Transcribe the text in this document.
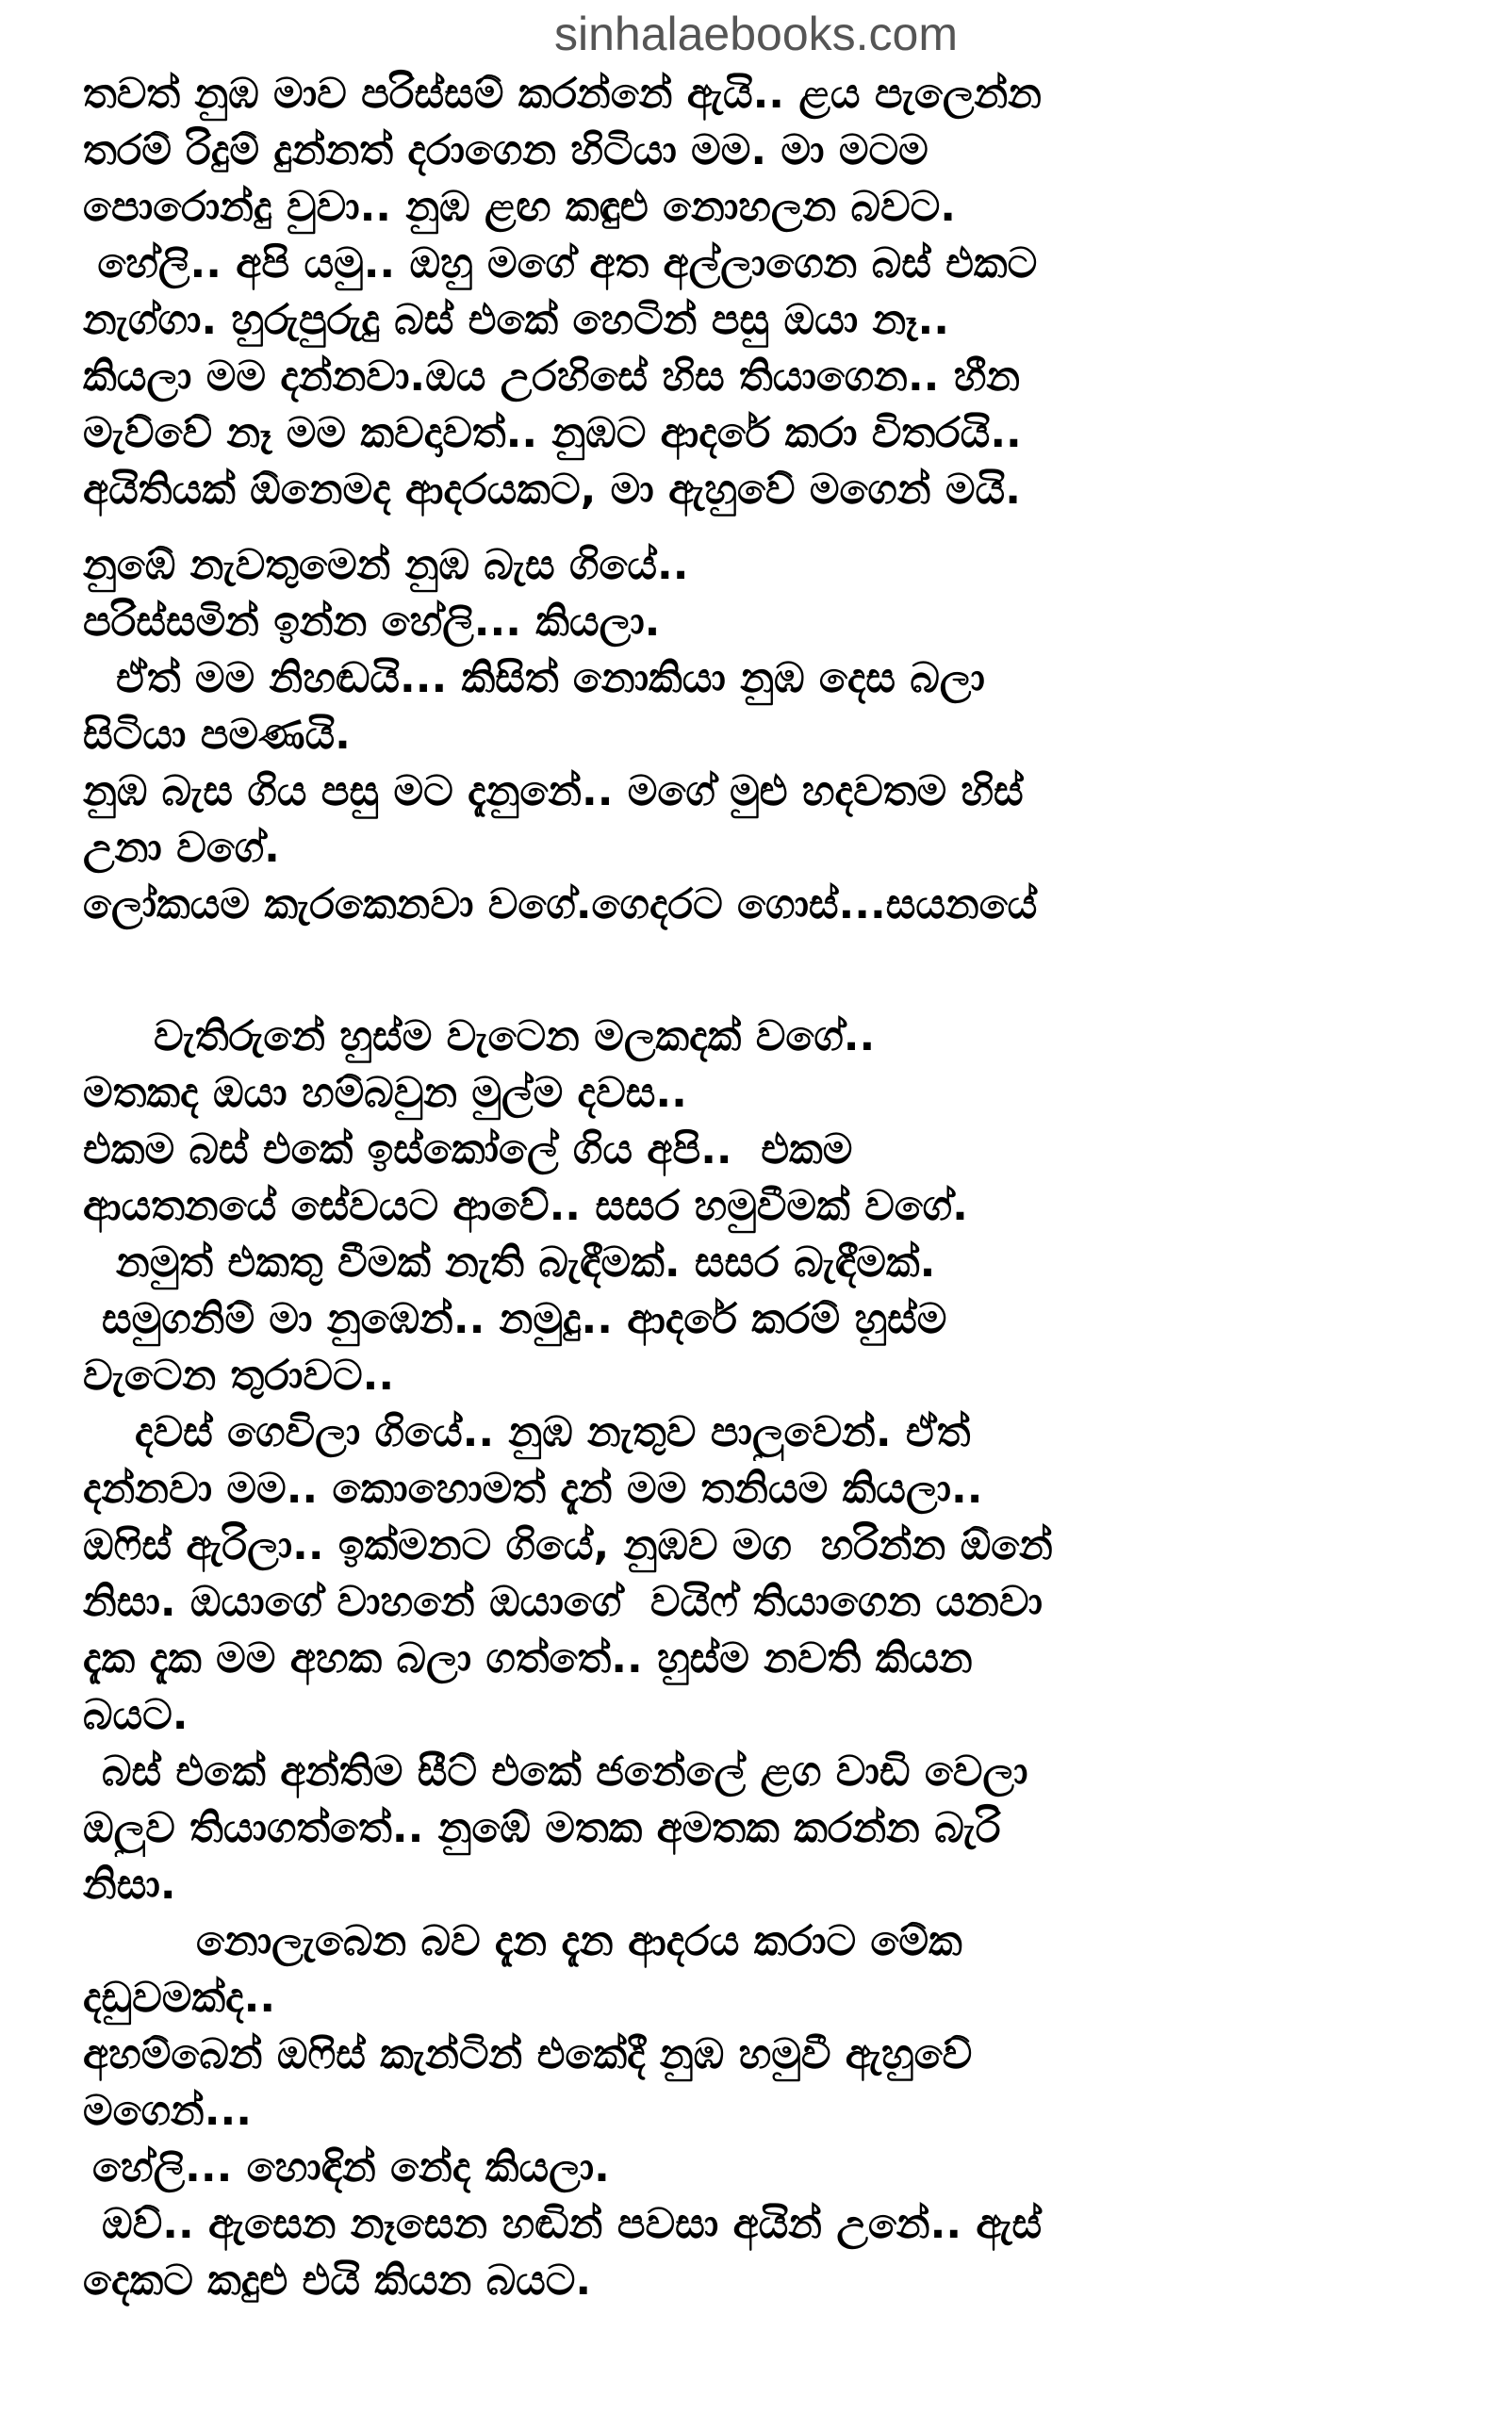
sinhalaebooks.com
තවත් නුඹ මාව පරිස්සම් කරන්නේ ඇයි.. ළය පැලෙන්න
තරම් රිදුම් දුන්නත් දරාගෙන හිටියා මම. මා මටම
පොරොන්දු වුවා.. නුඹ ළඟ කඳුළු නොහලන බවට.
හේලි.. අපි යමු.. ඔහු මගේ අත අල්ලාගෙන බස් එකට
නැග්ගා. හුරුපුරුදු බස් එකේ හෙටින් පසු ඔයා නෑ..
කියලා මම දන්නවා.ඔය උරහිසේ හිස තියාගෙන.. හීන
මැව්වේ නෑ මම කවදාවත්.. නුඹට ආදරේ කරා විතරයි..
අයිතියක් ඕනෙමද ආදරයකට, මා ඇහුවේ මගෙන් මයි.
නුඹේ නැවතුමෙන් නුඹ බැස ගියේ..
පරිස්සමින් ඉන්න හේලි... කියලා.
ඒත් මම නිහඬයි... කිසිත් නොකියා නුඹ දෙස බලා
සිටියා පමණයි.
නුඹ බැස ගිය පසු මට දැනුනේ.. මගේ මුළු හදවතම හිස්
උනා වගේ.
ලෝකයම කැරකෙනවා වගේ.ගෙදරට ගොස්...සයනයේ
වැතිරුනේ හුස්ම වැටෙන මලකදක් වගේ..
මතකද ඔයා හම්බවුන මුල්ම දවස..
එකම බස් එකේ ඉස්කෝලේ ගිය අපි..  එකම
ආයතනයේ සේවයට ආවේ.. සසර හමුවීමක් වගේ.
නමුත් එකතු වීමක් නැති බැඳීමක්. සසර බැඳීමක්.
සමුගනිම් මා නුඹෙන්.. නමුදු.. ආදරේ කරම් හුස්ම
වැටෙන තුරාවට..
දවස් ගෙවිලා ගියේ.. නුඹ නැතුව පාලුවෙන්. ඒත්
දන්නවා මම.. කොහොමත් දැන් මම තනියම කියලා..
ඔෆිස් ඇරිලා.. ඉක්මනට ගියේ, නුඹව මග  හරින්න ඕනේ
නිසා. ඔයාගේ වාහනේ ඔයාගේ  වයිෆ් තියාගෙන යනවා
දැක දැක මම අහක බලා ගත්තේ.. හුස්ම නවති කියන
බයට.
බස් එකේ අන්තිම සීට් එකේ ජනේලේ ළග වාඩි වෙලා
ඔලුව තියාගත්තේ.. නුඹේ මතක අමතක කරන්න බැරි
නිසා.
නොලැබෙන බව දැන දැන ආදරය කරාට මේක
දඩුවමක්ද..
අහම්බෙන් ඔෆිස් කැන්ටින් එකේදී නුඹ හමුවී ඇහුවේ
මගෙන්...
හේලි... හොඳින් නේද කියලා.
ඔව්.. ඇසෙන නෑසෙන හඬින් පවසා අයින් උනේ.. ඇස්
දෙකට කදුළු එයි කියන බයට.
